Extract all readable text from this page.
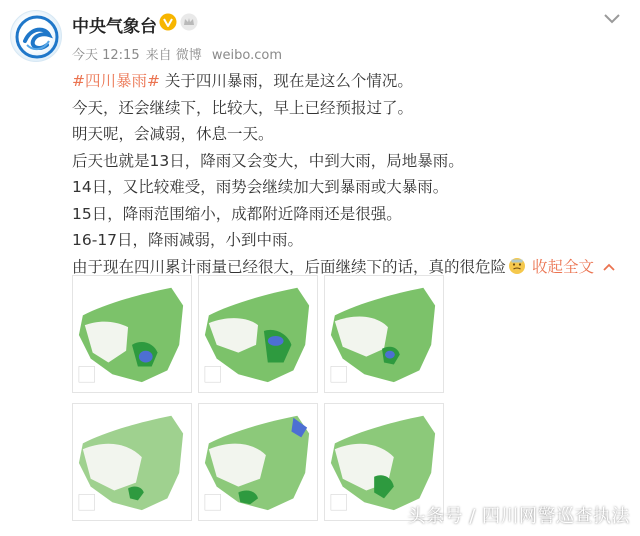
中央气象台
今天 12:15 来自 微博 weibo.com
#四川暴雨# 关于四川暴雨，现在是这么个情况。
今天，还会继续下，比较大，早上已经预报过了。
明天呢，会减弱，休息一天。
后天也就是13日，降雨又会变大，中到大雨，局地暴雨。
14日，又比较难受，雨势会继续加大到暴雨或大暴雨。
15日，降雨范围缩小，成都附近降雨还是很强。
16-17日，降雨减弱，小到中雨。
由于现在四川累计雨量已经很大，后面继续下的话，真的很危险 收起全文
头条号 / 四川网警巡查执法
